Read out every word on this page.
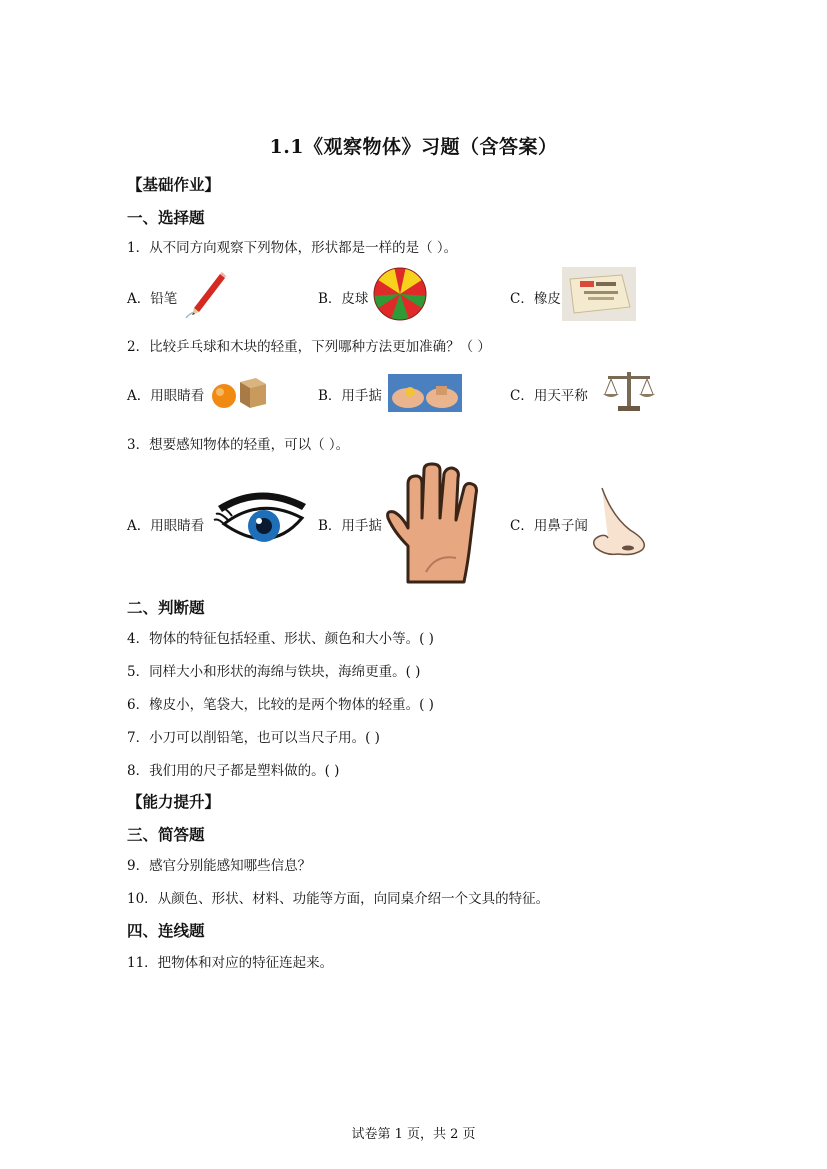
1.1《观察物体》习题（含答案）
【基础作业】
一、选择题
1．从不同方向观察下列物体，形状都是一样的是（ ）。
A．铅笔	B．皮球	C．橡皮
2．比较乒乓球和木块的轻重，下列哪种方法更加准确？（ ）
A．用眼睛看	B．用手掂	C．用天平称
3．想要感知物体的轻重，可以（ ）。
A．用眼睛看	B．用手掂	C．用鼻子闻
二、判断题
4．物体的特征包括轻重、形状、颜色和大小等。( )
5．同样大小和形状的海绵与铁块，海绵更重。( )
6．橡皮小，笔袋大，比较的是两个物体的轻重。( )
7．小刀可以削铅笔，也可以当尺子用。( )
8．我们用的尺子都是塑料做的。( )
【能力提升】
三、简答题
9．感官分别能感知哪些信息？
10．从颜色、形状、材料、功能等方面，向同桌介绍一个文具的特征。
四、连线题
11．把物体和对应的特征连起来。
试卷第 1 页，共 2 页
